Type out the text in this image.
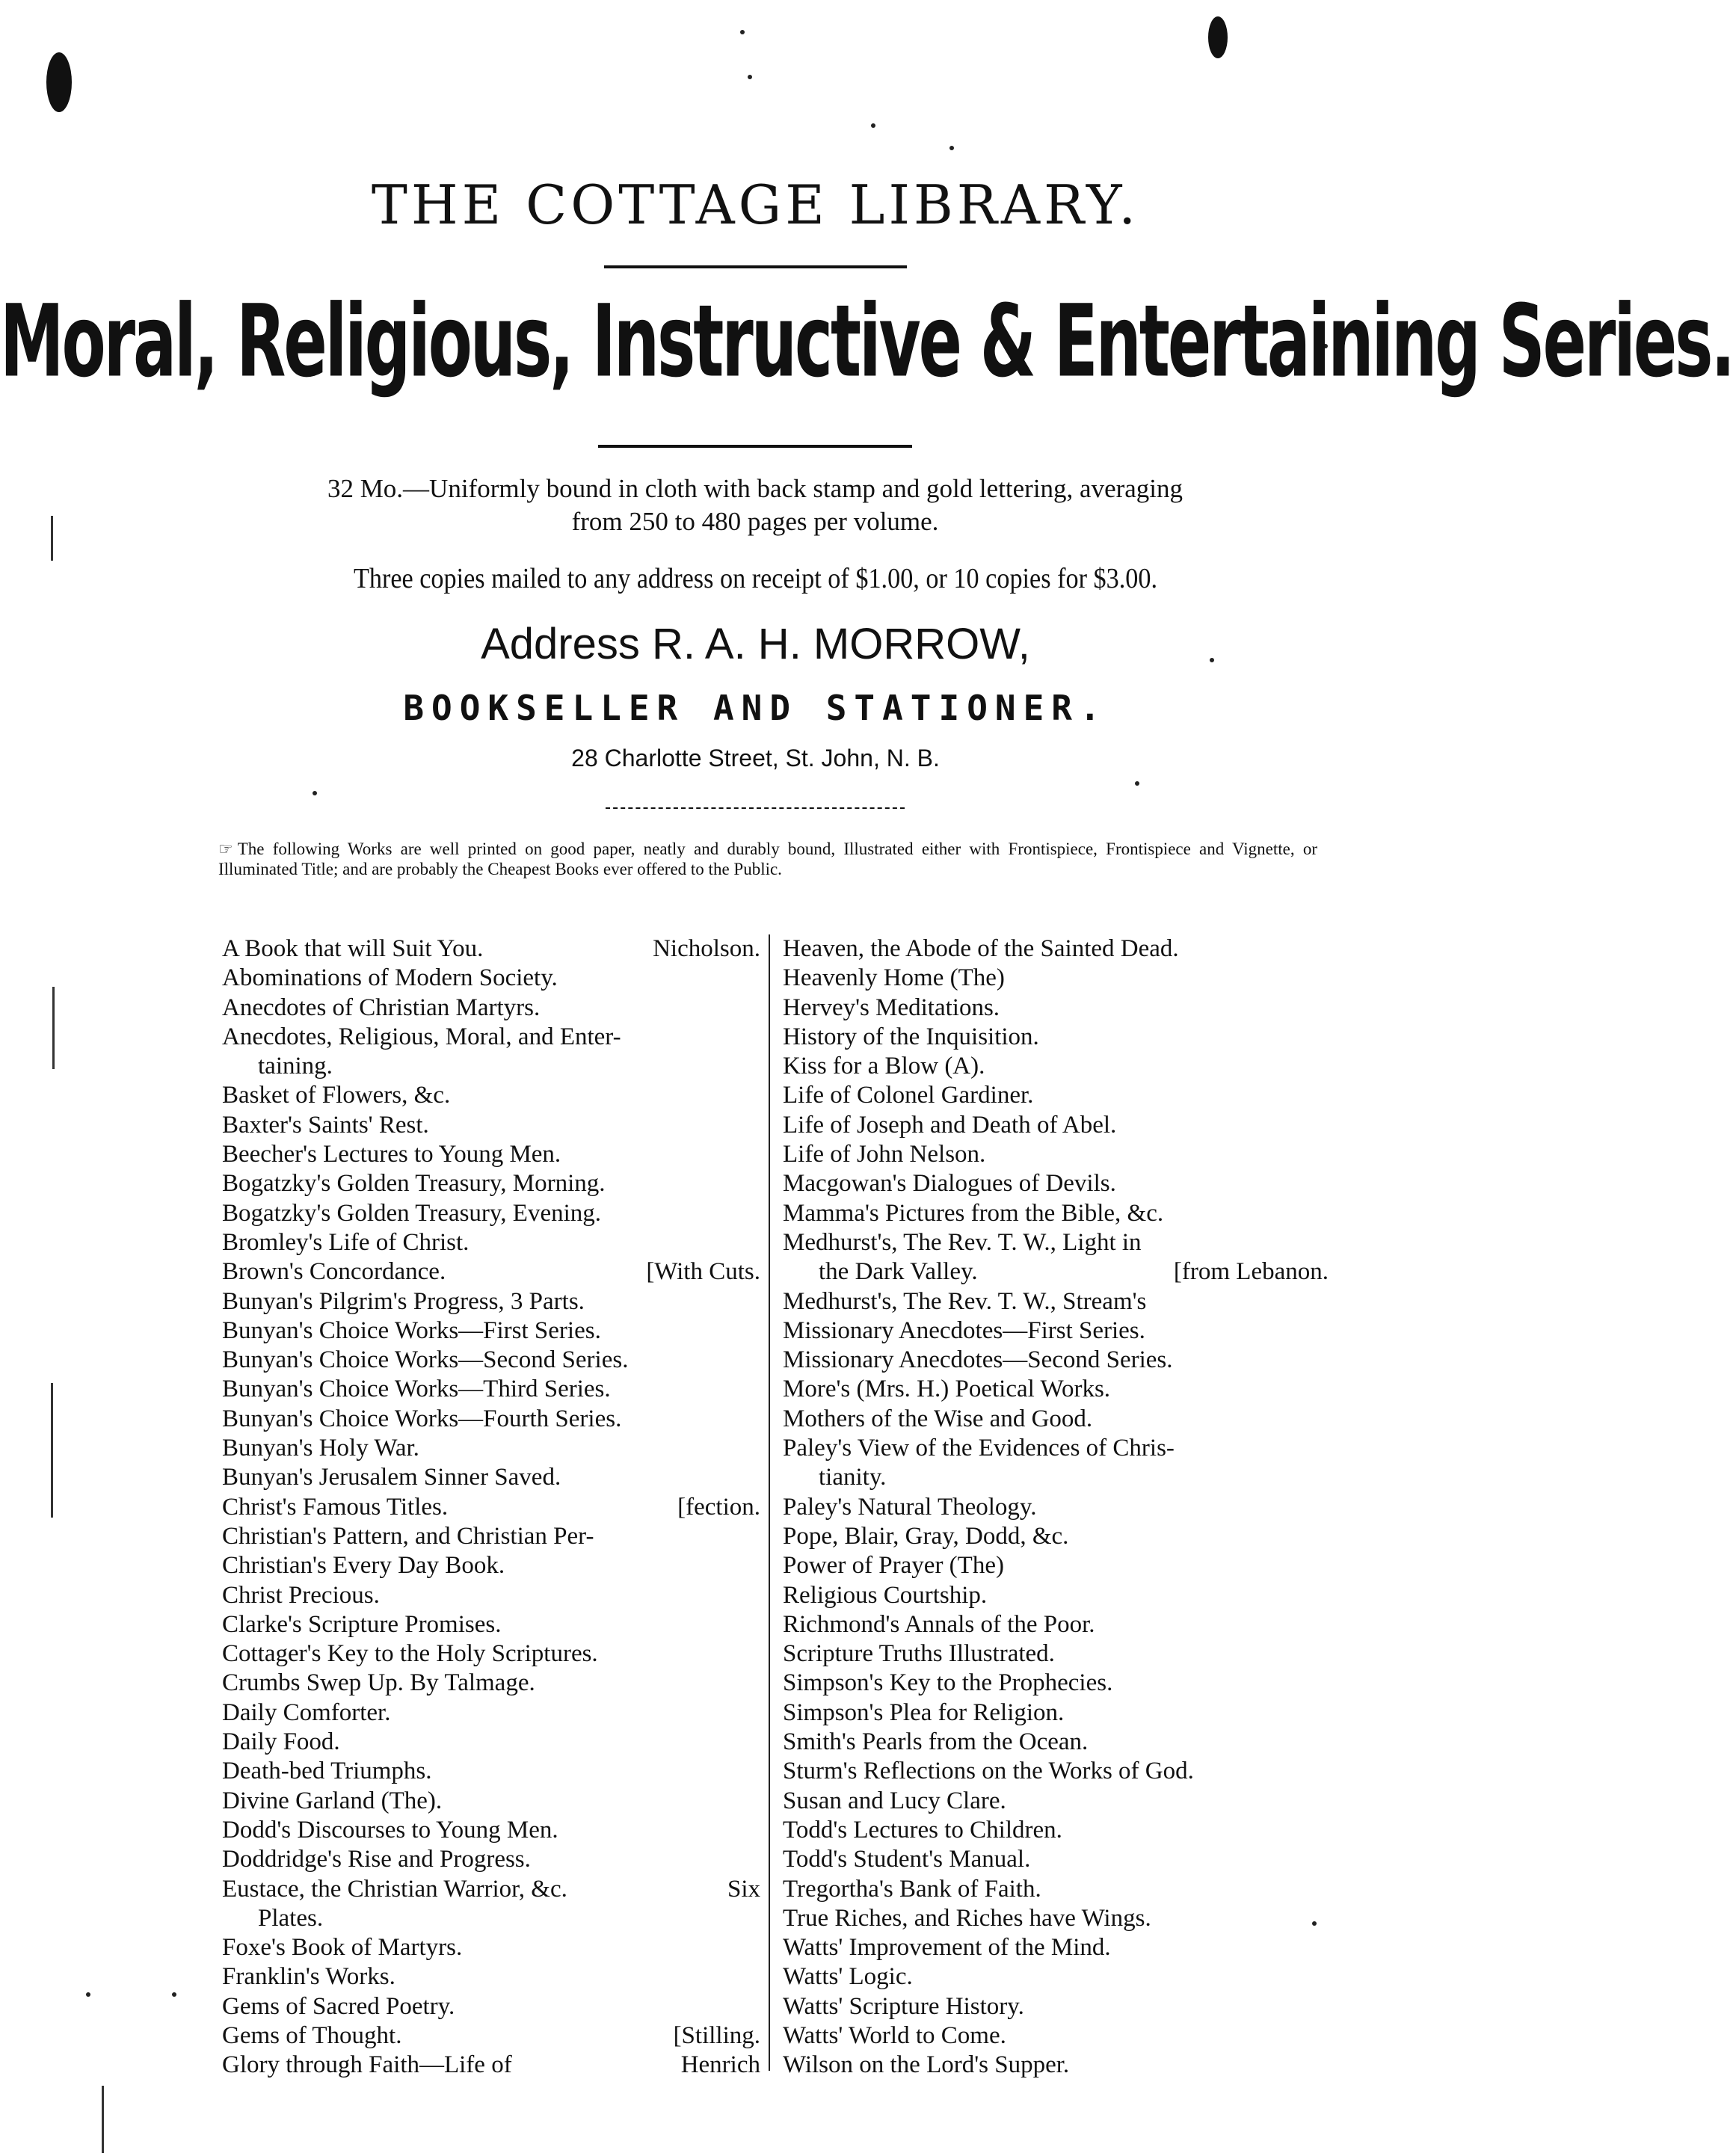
THE COTTAGE LIBRARY.
Moral, Religious, Instructive & Entertaining Series.
32 Mo.—Uniformly bound in cloth with back stamp and gold lettering, averaging
from 250 to 480 pages per volume.
Three copies mailed to any address on receipt of $1.00, or 10 copies for $3.00.
Address R. A. H. MORROW,
BOOKSELLER AND STATIONER.
28 Charlotte Street, St. John, N. B.
☞ The following Works are well printed on good paper, neatly and durably bound, Illustrated either with Frontispiece, Frontispiece and Vignette, or Illuminated Title; and are probably the Cheapest Books ever offered to the Public.
A Book that will Suit You.	Nicholson.
Abominations of Modern Society.
Anecdotes of Christian Martyrs.
Anecdotes, Religious, Moral, and Enter-
taining.
Basket of Flowers, &c.
Baxter's Saints' Rest.
Beecher's Lectures to Young Men.
Bogatzky's Golden Treasury, Morning.
Bogatzky's Golden Treasury, Evening.
Bromley's Life of Christ.
Brown's Concordance.	[With Cuts.
Bunyan's Pilgrim's Progress, 3 Parts.
Bunyan's Choice Works—First Series.
Bunyan's Choice Works—Second Series.
Bunyan's Choice Works—Third Series.
Bunyan's Choice Works—Fourth Series.
Bunyan's Holy War.
Bunyan's Jerusalem Sinner Saved.
Christ's Famous Titles.	[fection.
Christian's Pattern, and Christian Per-
Christian's Every Day Book.
Christ Precious.
Clarke's Scripture Promises.
Cottager's Key to the Holy Scriptures.
Crumbs Swep Up. By Talmage.
Daily Comforter.
Daily Food.
Death-bed Triumphs.
Divine Garland (The).
Dodd's Discourses to Young Men.
Doddridge's Rise and Progress.
Eustace, the Christian Warrior, &c.	Six
Plates.
Foxe's Book of Martyrs.
Franklin's Works.
Gems of Sacred Poetry.
Gems of Thought.	[Stilling.
Glory through Faith—Life of	Henrich
Heaven, the Abode of the Sainted Dead.
Heavenly Home (The)
Hervey's Meditations.
History of the Inquisition.
Kiss for a Blow (A).
Life of Colonel Gardiner.
Life of Joseph and Death of Abel.
Life of John Nelson.
Macgowan's Dialogues of Devils.
Mamma's Pictures from the Bible, &c.
Medhurst's, The Rev. T. W., Light in
the Dark Valley.	[from Lebanon.
Medhurst's, The Rev. T. W., Stream's
Missionary Anecdotes—First Series.
Missionary Anecdotes—Second Series.
More's (Mrs. H.) Poetical Works.
Mothers of the Wise and Good.
Paley's View of the Evidences of Chris-
tianity.
Paley's Natural Theology.
Pope, Blair, Gray, Dodd, &c.
Power of Prayer (The)
Religious Courtship.
Richmond's Annals of the Poor.
Scripture Truths Illustrated.
Simpson's Key to the Prophecies.
Simpson's Plea for Religion.
Smith's Pearls from the Ocean.
Sturm's Reflections on the Works of God.
Susan and Lucy Clare.
Todd's Lectures to Children.
Todd's Student's Manual.
Tregortha's Bank of Faith.
True Riches, and Riches have Wings.
Watts' Improvement of the Mind.
Watts' Logic.
Watts' Scripture History.
Watts' World to Come.
Wilson on the Lord's Supper.
